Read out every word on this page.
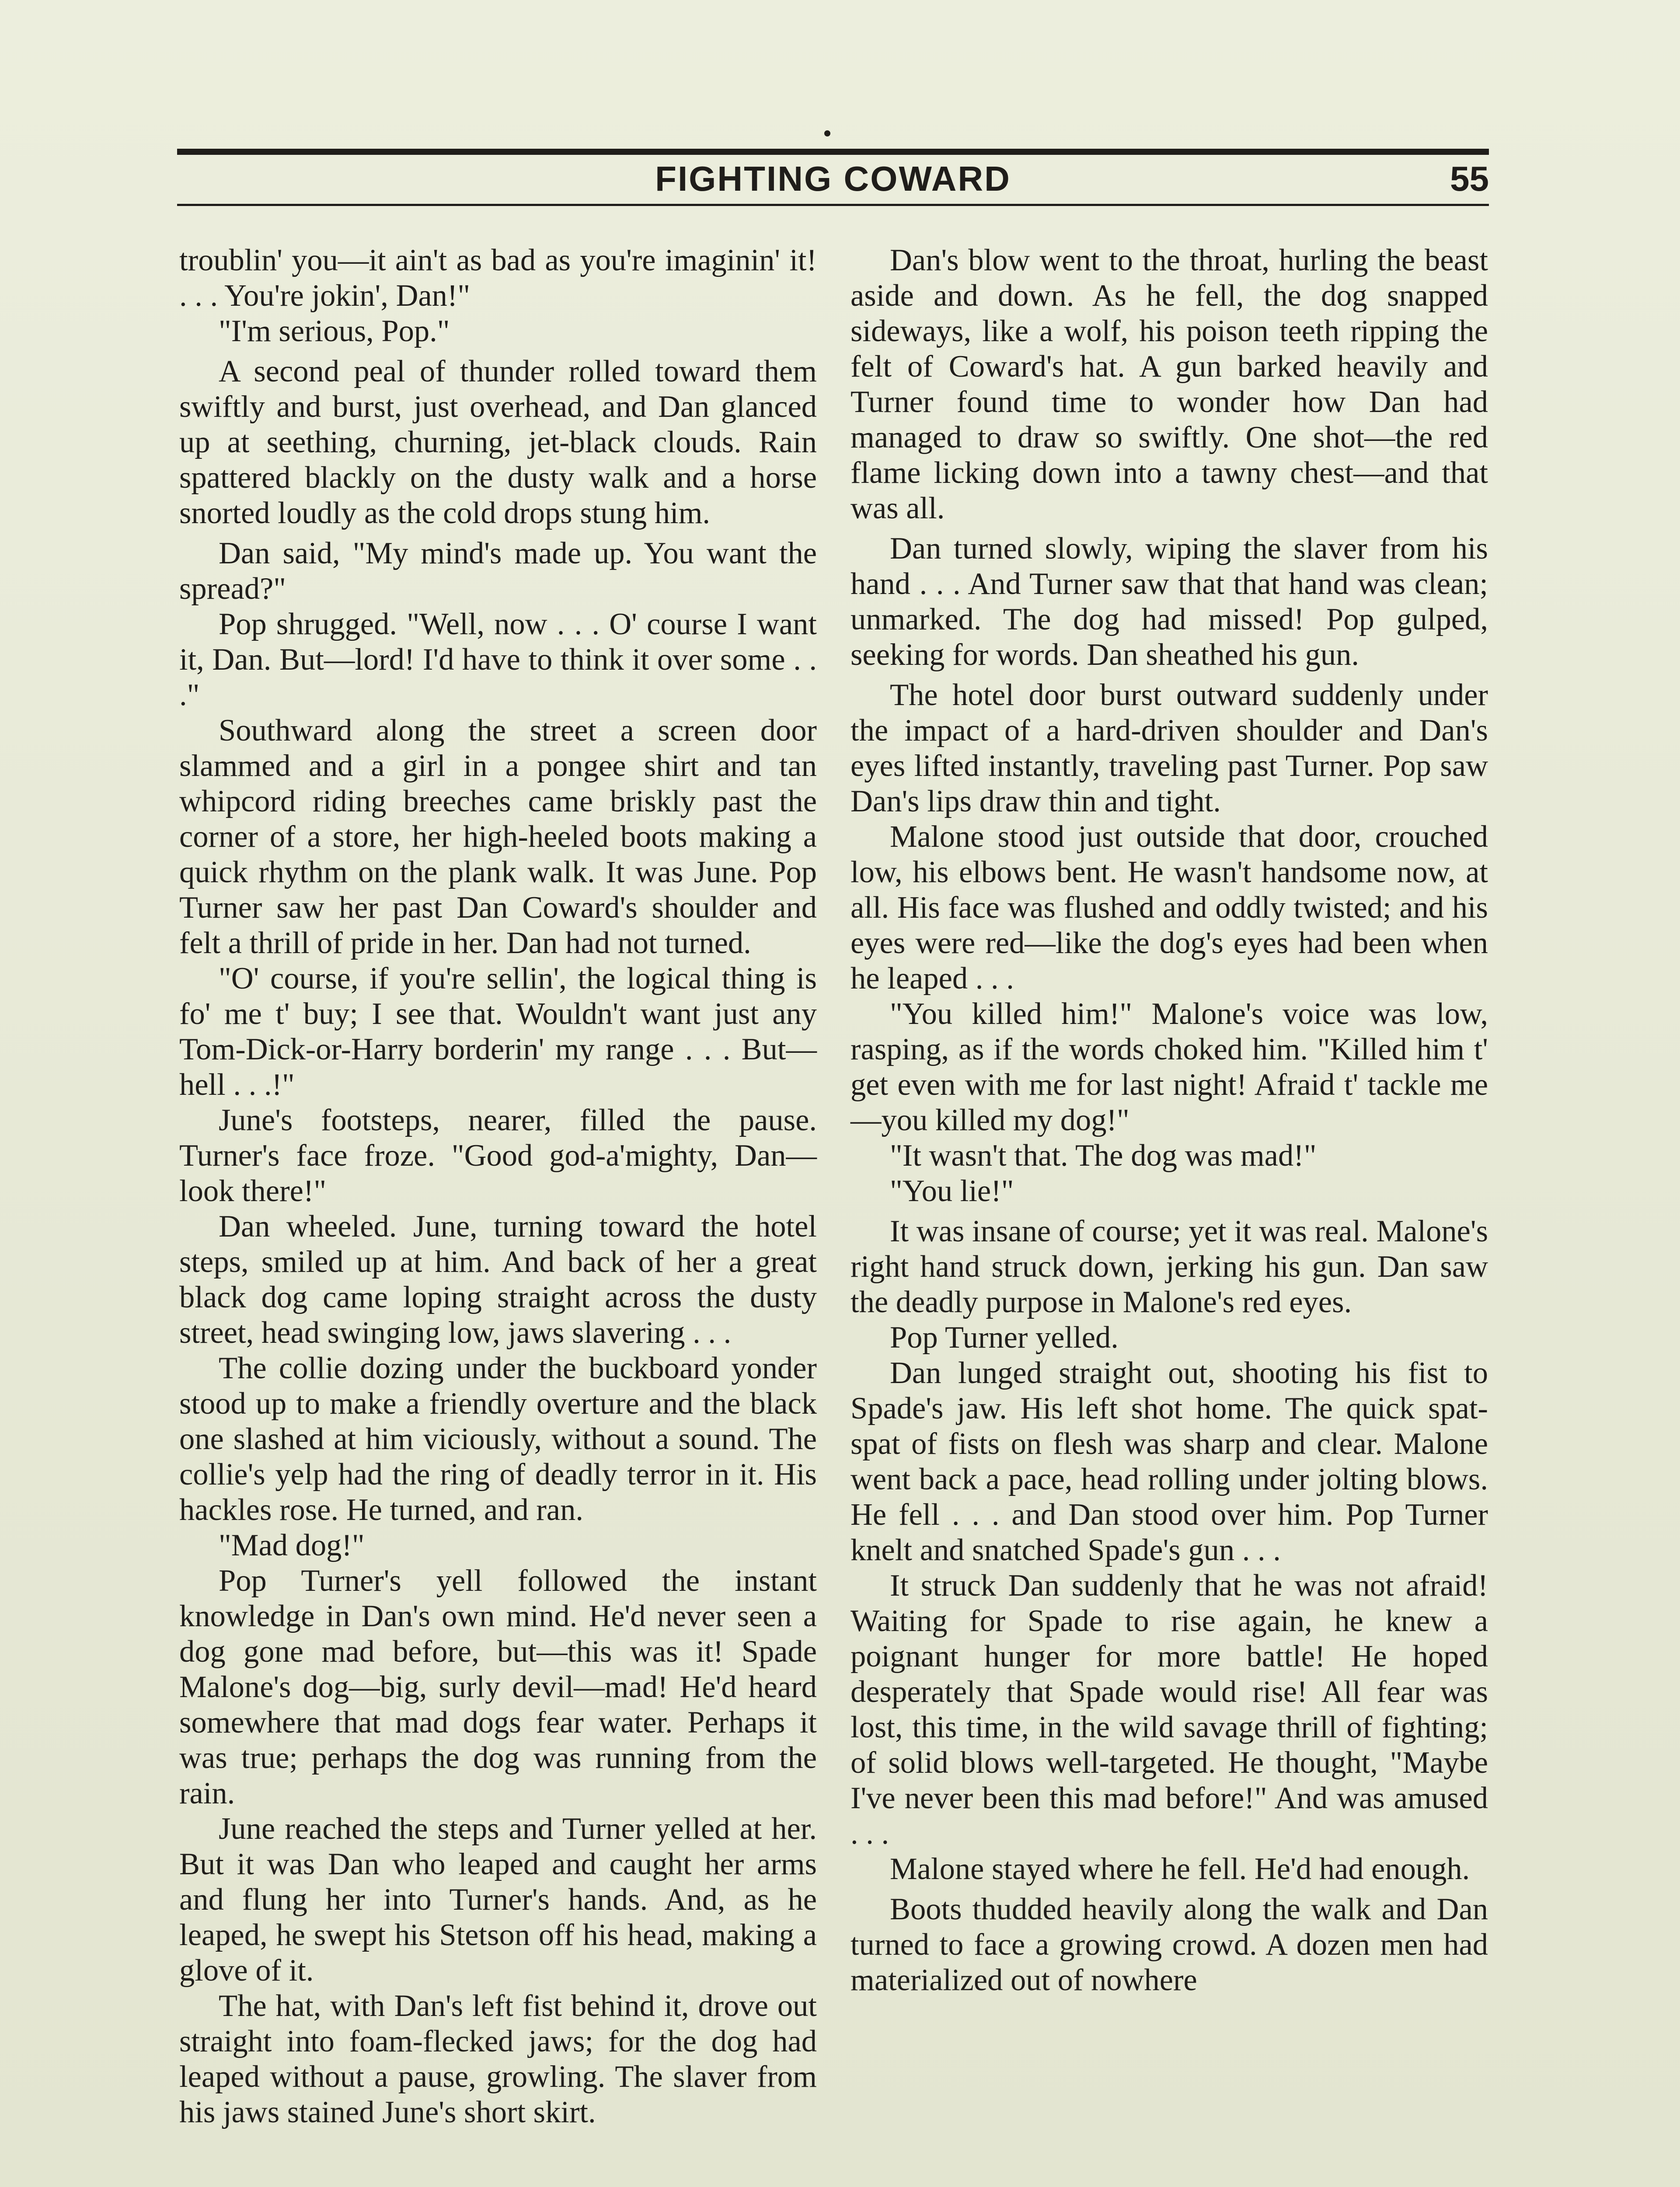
FIGHTING COWARD	55

troublin' you—it ain't as bad as you're imaginin' it! . . . You're jokin', Dan!"

"I'm serious, Pop."

A second peal of thunder rolled toward them swiftly and burst, just overhead, and Dan glanced up at seething, churning, jet-black clouds. Rain spattered blackly on the dusty walk and a horse snorted loudly as the cold drops stung him.

Dan said, "My mind's made up. You want the spread?"

Pop shrugged. "Well, now . . . O' course I want it, Dan. But—lord! I'd have to think it over some . . ."

Southward along the street a screen door slammed and a girl in a pongee shirt and tan whipcord riding breeches came briskly past the corner of a store, her high-heeled boots making a quick rhythm on the plank walk. It was June. Pop Turner saw her past Dan Coward's shoulder and felt a thrill of pride in her. Dan had not turned.

"O' course, if you're sellin', the logical thing is fo' me t' buy; I see that. Wouldn't want just any Tom-Dick-or-Harry borderin' my range . . . But—hell . . .!"

June's footsteps, nearer, filled the pause. Turner's face froze. "Good god-a'mighty, Dan—look there!"

Dan wheeled. June, turning toward the hotel steps, smiled up at him. And back of her a great black dog came loping straight across the dusty street, head swinging low, jaws slavering . . .

The collie dozing under the buckboard yonder stood up to make a friendly overture and the black one slashed at him viciously, without a sound. The collie's yelp had the ring of deadly terror in it. His hackles rose. He turned, and ran.

"Mad dog!"

Pop Turner's yell followed the instant knowledge in Dan's own mind. He'd never seen a dog gone mad before, but—this was it! Spade Malone's dog—big, surly devil—mad! He'd heard somewhere that mad dogs fear water. Perhaps it was true; perhaps the dog was running from the rain.

June reached the steps and Turner yelled at her. But it was Dan who leaped and caught her arms and flung her into Turner's hands. And, as he leaped, he swept his Stetson off his head, making a glove of it.

The hat, with Dan's left fist behind it, drove out straight into foam-flecked jaws; for the dog had leaped without a pause, growling. The slaver from his jaws stained June's short skirt.

Dan's blow went to the throat, hurling the beast aside and down. As he fell, the dog snapped sideways, like a wolf, his poison teeth ripping the felt of Coward's hat. A gun barked heavily and Turner found time to wonder how Dan had managed to draw so swiftly. One shot—the red flame licking down into a tawny chest—and that was all.

Dan turned slowly, wiping the slaver from his hand . . . And Turner saw that that hand was clean; unmarked. The dog had missed! Pop gulped, seeking for words. Dan sheathed his gun.

The hotel door burst outward suddenly under the impact of a hard-driven shoulder and Dan's eyes lifted instantly, traveling past Turner. Pop saw Dan's lips draw thin and tight.

Malone stood just outside that door, crouched low, his elbows bent. He wasn't handsome now, at all. His face was flushed and oddly twisted; and his eyes were red—like the dog's eyes had been when he leaped . . .

"You killed him!" Malone's voice was low, rasping, as if the words choked him. "Killed him t' get even with me for last night! Afraid t' tackle me—you killed my dog!"

"It wasn't that. The dog was mad!"

"You lie!"

It was insane of course; yet it was real. Malone's right hand struck down, jerking his gun. Dan saw the deadly purpose in Malone's red eyes.

Pop Turner yelled.

Dan lunged straight out, shooting his fist to Spade's jaw. His left shot home. The quick spat-spat of fists on flesh was sharp and clear. Malone went back a pace, head rolling under jolting blows. He fell . . . and Dan stood over him. Pop Turner knelt and snatched Spade's gun . . .

It struck Dan suddenly that he was not afraid! Waiting for Spade to rise again, he knew a poignant hunger for more battle! He hoped desperately that Spade would rise! All fear was lost, this time, in the wild savage thrill of fighting; of solid blows well-targeted. He thought, "Maybe I've never been this mad before!" And was amused . . .

Malone stayed where he fell. He'd had enough.

Boots thudded heavily along the walk and Dan turned to face a growing crowd. A dozen men had materialized out of nowhere
